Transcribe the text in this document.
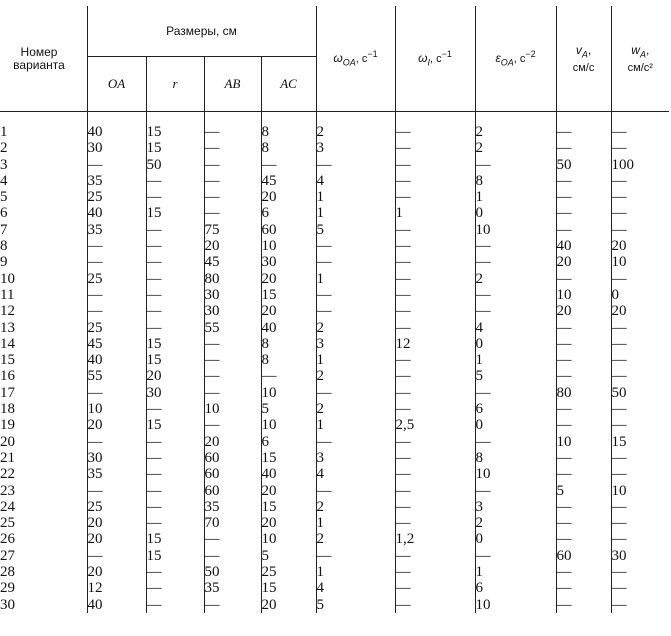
Номер варианта	Размеры, см				$\omega_{OA}$, $с^{-1}$	$\omega_I$, $с^{-1}$	$\varepsilon_{OA}$, $с^{-2}$	$v_A$,
см/с	$w_A$,
см/с²
	OA	r	AB	AC					
1	40	15	—	8	2	—	2	—	—
2	30	15	—	8	3	—	2	—	—
3	—	50	—	—	—	—	—	50	100
4	35	—	—	45	4	—	8	—	—
5	25	—	—	20	1	—	1	—	—
6	40	15	—	6	1	1	0	—	—
7	35	—	75	60	5	—	10	—	—
8	—	—	20	10	—	—	—	40	20
9	—	—	45	30	—	—	—	20	10
10	25	—	80	20	1	—	2	—	—
11	—	—	30	15	—	—	—	10	0
12	—	—	30	20	—	—	—	20	20
13	25	—	55	40	2	—	4	—	—
14	45	15	—	8	3	12	0	—	—
15	40	15	—	8	1	—	1	—	—
16	55	20	—	—	2	—	5	—	—
17	—	30	—	10	—	—	—	80	50
18	10	—	10	5	2	—	6	—	—
19	20	15	—	10	1	2,5	0	—	—
20	—	—	20	6	—	—	—	10	15
21	30	—	60	15	3	—	8	—	—
22	35	—	60	40	4	—	10	—	—
23	—	—	60	20	—	—	—	5	10
24	25	—	35	15	2	—	3	—	—
25	20	—	70	20	1	—	2	—	—
26	20	15	—	10	2	1,2	0	—	—
27	—	15	—	5	—	—	—	60	30
28	20	—	50	25	1	—	1	—	—
29	12	—	35	15	4	—	6	—	—
30	40	—	—	20	5	—	10	—	—
